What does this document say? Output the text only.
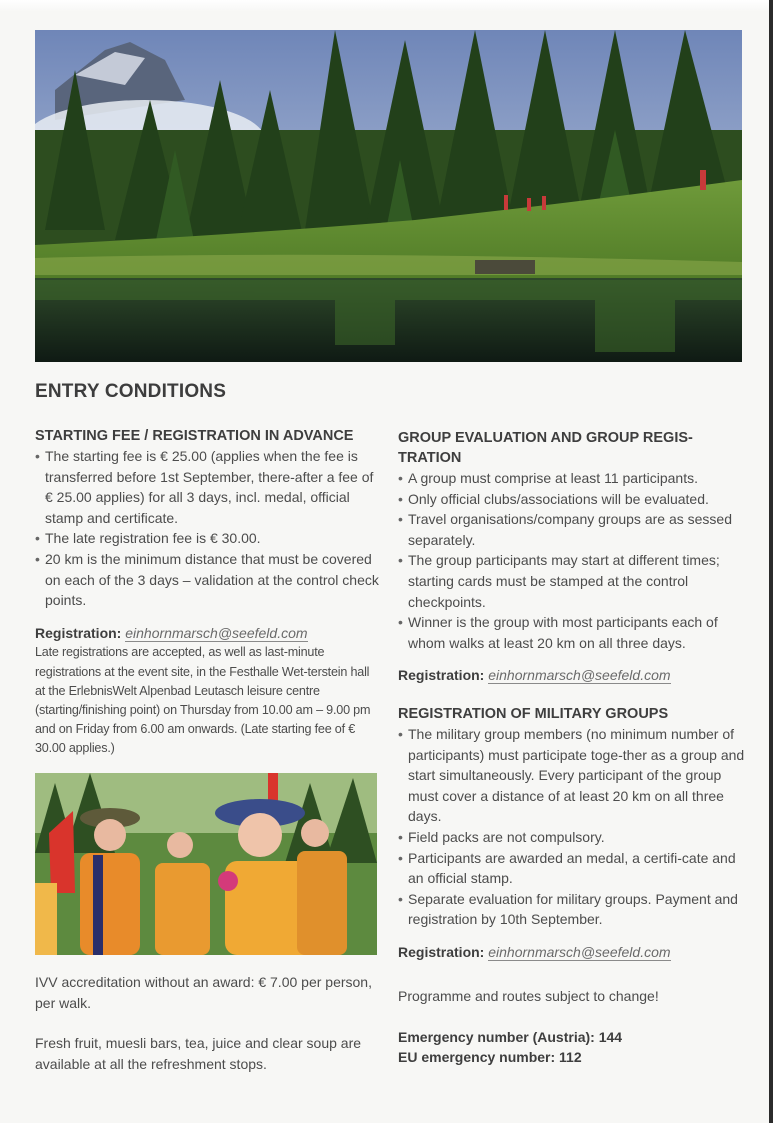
ENTRY CONDITIONS
STARTING FEE / REGISTRATION IN ADVANCE
• The starting fee is € 25.00 (applies when the fee is transferred before 1st September, there-after a fee of € 25.00 applies) for all 3 days, incl. medal, official stamp and certificate.
• The late registration fee is € 30.00.
• 20 km is the minimum distance that must be covered on each of the 3 days – validation at the control check points.

Registration: einhornmarsch@seefeld.com

Late registrations are accepted, as well as last-minute registrations at the event site, in the Festhalle Wet-terstein hall at the ErlebnisWelt Alpenbad Leutasch leisure centre (starting/finishing point) on Thursday from 10.00 am – 9.00 pm and on Friday from 6.00 am onwards. (Late starting fee of € 30.00 applies.)

IVV accreditation without an award: € 7.00 per person, per walk.

Fresh fruit, muesli bars, tea, juice and clear soup are available at all the refreshment stops.

GROUP EVALUATION AND GROUP REGIS-TRATION
• A group must comprise at least 11 participants.
• Only official clubs/associations will be evaluated.
• Travel organisations/company groups are as sessed separately.
• The group participants may start at different times; starting cards must be stamped at the control checkpoints.
• Winner is the group with most participants each of whom walks at least 20 km on all three days.

Registration: einhornmarsch@seefeld.com

REGISTRATION OF MILITARY GROUPS
• The military group members (no minimum number of participants) must participate toge-ther as a group and start simultaneously. Every participant of the group must cover a distance of at least 20 km on all three days.
• Field packs are not compulsory.
• Participants are awarded an medal, a certifi-cate and an official stamp.
• Separate evaluation for military groups. Payment and registration by 10th September.

Registration: einhornmarsch@seefeld.com

Programme and routes subject to change!

Emergency number (Austria): 144

EU emergency number: 112
